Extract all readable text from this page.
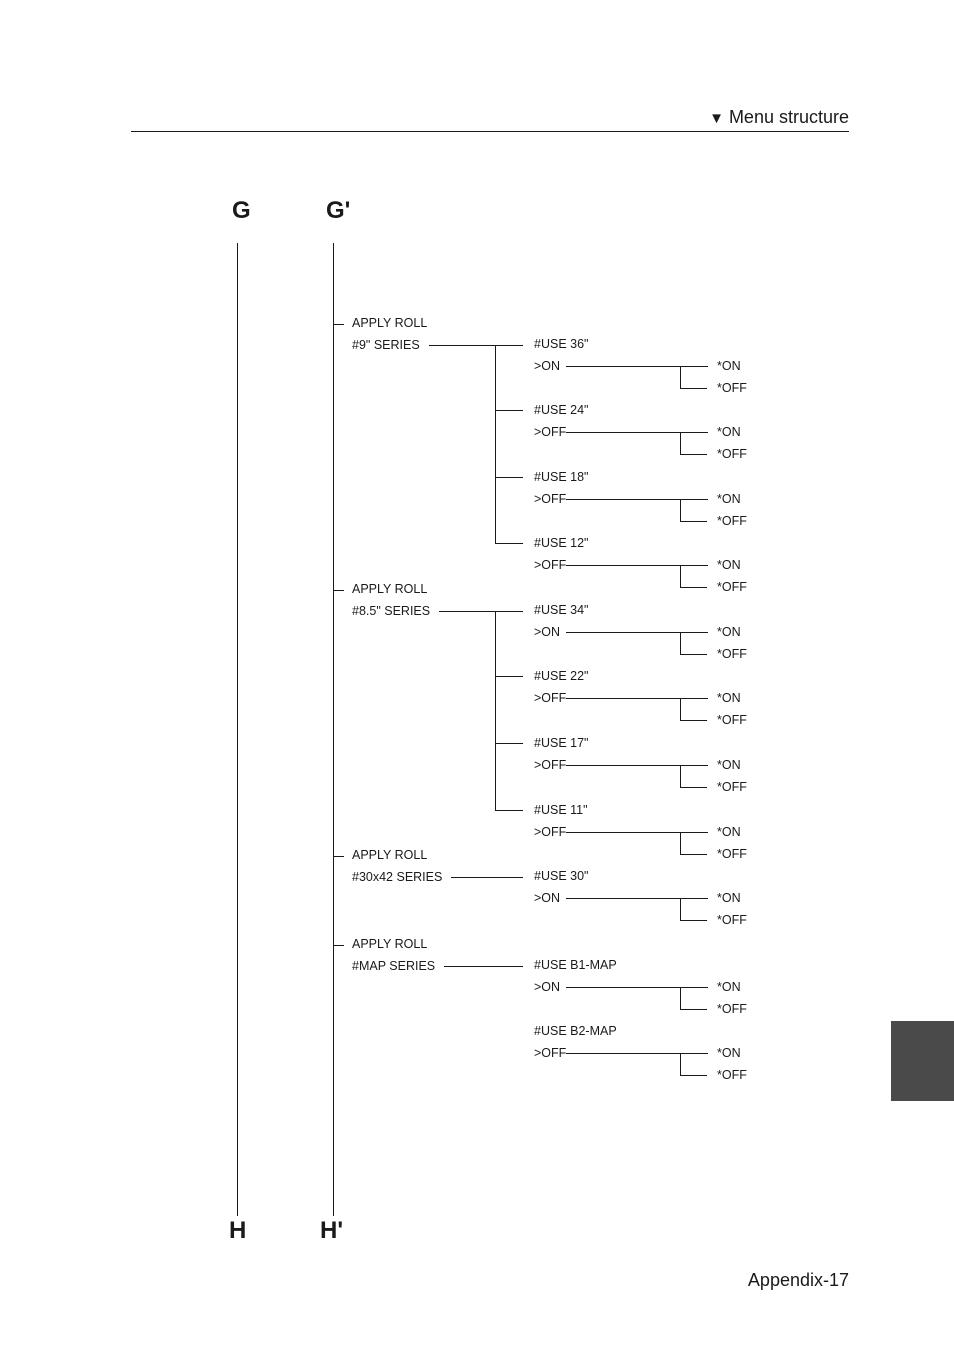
▼ Menu structure
G	G'
H	H'
APPLY ROLL
#9" SERIES	#USE 36"
>ON	*ON
*OFF
#USE 24"
>OFF	*ON
*OFF
#USE 18"
>OFF	*ON
*OFF
#USE 12"
>OFF	*ON
*OFF
APPLY ROLL
#8.5" SERIES	#USE 34"
>ON	*ON
*OFF
#USE 22"
>OFF	*ON
*OFF
#USE 17"
>OFF	*ON
*OFF
#USE 11"
>OFF	*ON
*OFF
APPLY ROLL
#30x42 SERIES	#USE 30"
>ON	*ON
*OFF
APPLY ROLL
#MAP SERIES	#USE B1-MAP
>ON	*ON
*OFF
#USE B2-MAP
>OFF	*ON
*OFF
Appendix-17
